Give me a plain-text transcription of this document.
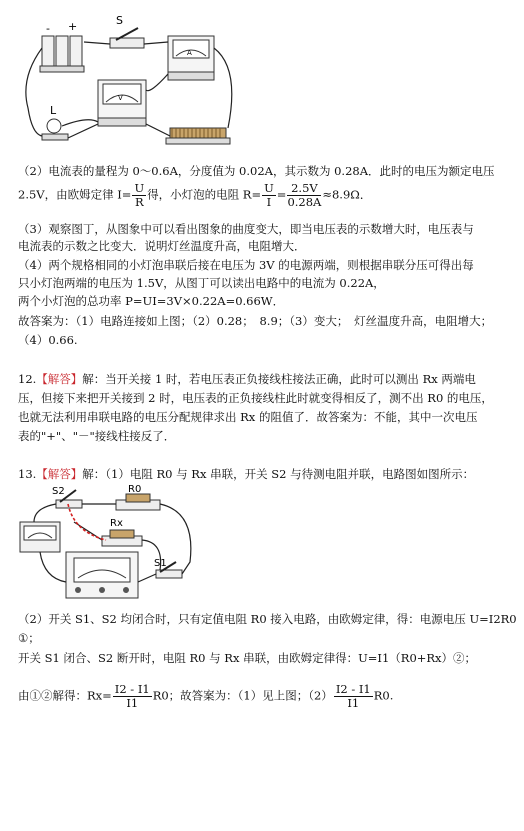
- +	S
A
V
L
（2）电流表的量程为 0～0.6A，分度值为 0.02A，其示数为 0.28A．此时的电压为额定电压
2.5V，由欧姆定律 $I= \frac{U}{R}$ 得，小灯泡的电阻 $R= \frac{U}{I} = \frac{2.5V}{0.28A} \approx 8.9\Omega$．
（3）观察图丁，从图象中可以看出图象的曲度变大，即当电压表的示数增大时，电压表与
电流表的示数之比变大．说明灯丝温度升高，电阻增大．
（4）两个规格相同的小灯泡串联后接在电压为 3V 的电源两端，则根据串联分压可得出每
只小灯泡两端的电压为 1.5V，从图丁可以读出电路中的电流为 0.22A，
两个小灯泡的总功率 P=UI=3V×0.22A=0.66W．
故答案为：（1）电路连接如上图；（2）0.28；　8.9；（3）变大；　灯丝温度升高，电阻增大；
（4）0.66.
12.【解答】解：当开关接 1 时，若电压表正负接线柱接法正确，此时可以测出 Rx 两端电
压，但接下来把开关接到 2 时，电压表的正负接线柱此时就变得相反了，测不出 R0 的电压，
也就无法利用串联电路的电压分配规律求出 Rx 的阻值了．故答案为：不能，其中一次电压
表的"+"、"－"接线柱接反了．
13.【解答】解：（1）电阻 R0 与 Rx 串联，开关 S2 与待测电阻并联，电路图如图所示：
S2	R0
Rx
S1
（2）开关 S1、S2 均闭合时，只有定值电阻 R0 接入电路，由欧姆定律，得：电源电压 U=I2R0
①；
开关 S1 闭合、S2 断开时，电阻 R0 与 Rx 串联，由欧姆定律得：U=I1（R0+Rx）②；
由①②解得：$Rx= \frac{I2 - I1}{I1} R0$；故答案为：（1）见上图；$(2) \frac{I2 - I1}{I1} R0$.
